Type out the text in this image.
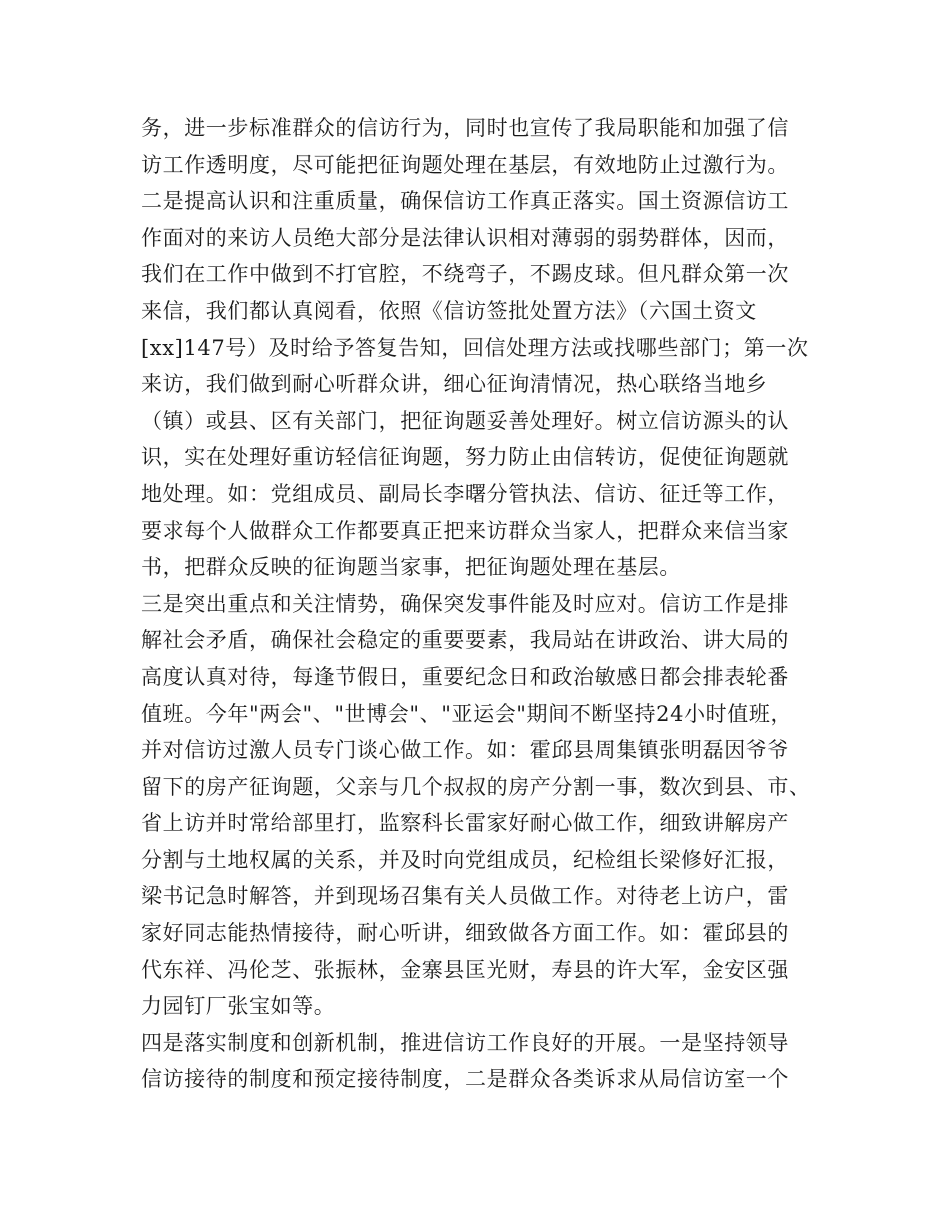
务，进一步标准群众的信访行为，同时也宣传了我局职能和加强了信
访工作透明度，尽可能把征询题处理在基层，有效地防止过激行为。
二是提高认识和注重质量，确保信访工作真正落实。国土资源信访工
作面对的来访人员绝大部分是法律认识相对薄弱的弱势群体，因而，
我们在工作中做到不打官腔，不绕弯子，不踢皮球。但凡群众第一次
来信，我们都认真阅看，依照《信访签批处置方法》（六国土资文
[xx]147号）及时给予答复告知，回信处理方法或找哪些部门；第一次
来访，我们做到耐心听群众讲，细心征询清情况，热心联络当地乡
（镇）或县、区有关部门，把征询题妥善处理好。树立信访源头的认
识，实在处理好重访轻信征询题，努力防止由信转访，促使征询题就
地处理。如：党组成员、副局长李曙分管执法、信访、征迁等工作，
要求每个人做群众工作都要真正把来访群众当家人，把群众来信当家
书，把群众反映的征询题当家事，把征询题处理在基层。
三是突出重点和关注情势，确保突发事件能及时应对。信访工作是排
解社会矛盾，确保社会稳定的重要要素，我局站在讲政治、讲大局的
高度认真对待，每逢节假日，重要纪念日和政治敏感日都会排表轮番
值班。今年"两会"、"世博会"、"亚运会"期间不断坚持24小时值班，
并对信访过激人员专门谈心做工作。如：霍邱县周集镇张明磊因爷爷
留下的房产征询题，父亲与几个叔叔的房产分割一事，数次到县、市、
省上访并时常给部里打，监察科长雷家好耐心做工作，细致讲解房产
分割与土地权属的关系，并及时向党组成员，纪检组长梁修好汇报，
梁书记急时解答，并到现场召集有关人员做工作。对待老上访户，雷
家好同志能热情接待，耐心听讲，细致做各方面工作。如：霍邱县的
代东祥、冯伦芝、张振林，金寨县匡光财，寿县的许大军，金安区强
力园钉厂张宝如等。
四是落实制度和创新机制，推进信访工作良好的开展。一是坚持领导
信访接待的制度和预定接待制度，二是群众各类诉求从局信访室一个
